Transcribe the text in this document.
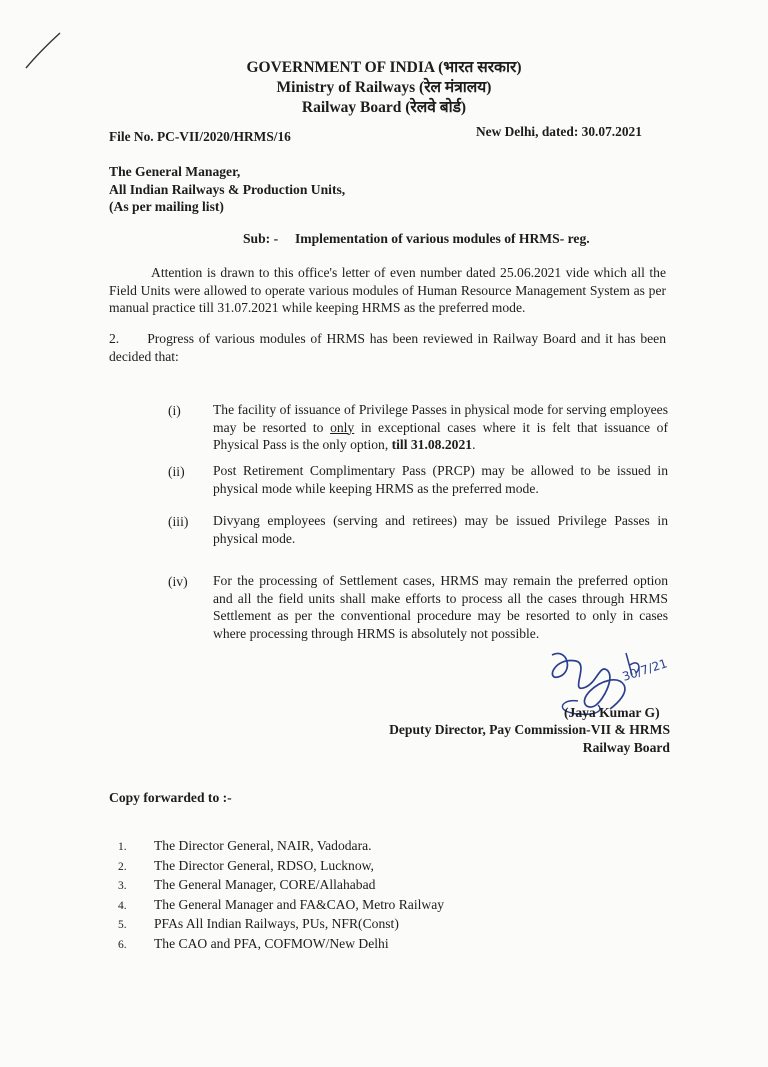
GOVERNMENT OF INDIA (भारत सरकार)
Ministry of Railways (रेल मंत्रालय)
Railway Board (रेलवे बोर्ड)
File No. PC-VII/2020/HRMS/16	New Delhi, dated: 30.07.2021
The General Manager,
All Indian Railways & Production Units,
(As per mailing list)
Sub: - Implementation of various modules of HRMS- reg.
Attention is drawn to this office's letter of even number dated 25.06.2021 vide which all the Field Units were allowed to operate various modules of Human Resource Management System as per manual practice till 31.07.2021 while keeping HRMS as the preferred mode.
2. Progress of various modules of HRMS has been reviewed in Railway Board and it has been decided that:
(i) The facility of issuance of Privilege Passes in physical mode for serving employees may be resorted to only in exceptional cases where it is felt that issuance of Physical Pass is the only option, till 31.08.2021.
(ii) Post Retirement Complimentary Pass (PRCP) may be allowed to be issued in physical mode while keeping HRMS as the preferred mode.
(iii) Divyang employees (serving and retirees) may be issued Privilege Passes in physical mode.
(iv) For the processing of Settlement cases, HRMS may remain the preferred option and all the field units shall make efforts to process all the cases through HRMS Settlement as per the conventional procedure may be resorted to only in cases where processing through HRMS is absolutely not possible.
30/7/21
(Jaya Kumar G)
Deputy Director, Pay Commission-VII & HRMS
Railway Board
Copy forwarded to :-
1. The Director General, NAIR, Vadodara.
2. The Director General, RDSO, Lucknow,
3. The General Manager, CORE/Allahabad
4. The General Manager and FA&CAO, Metro Railway
5. PFAs All Indian Railways, PUs, NFR(Const)
6. The CAO and PFA, COFMOW/New Delhi
